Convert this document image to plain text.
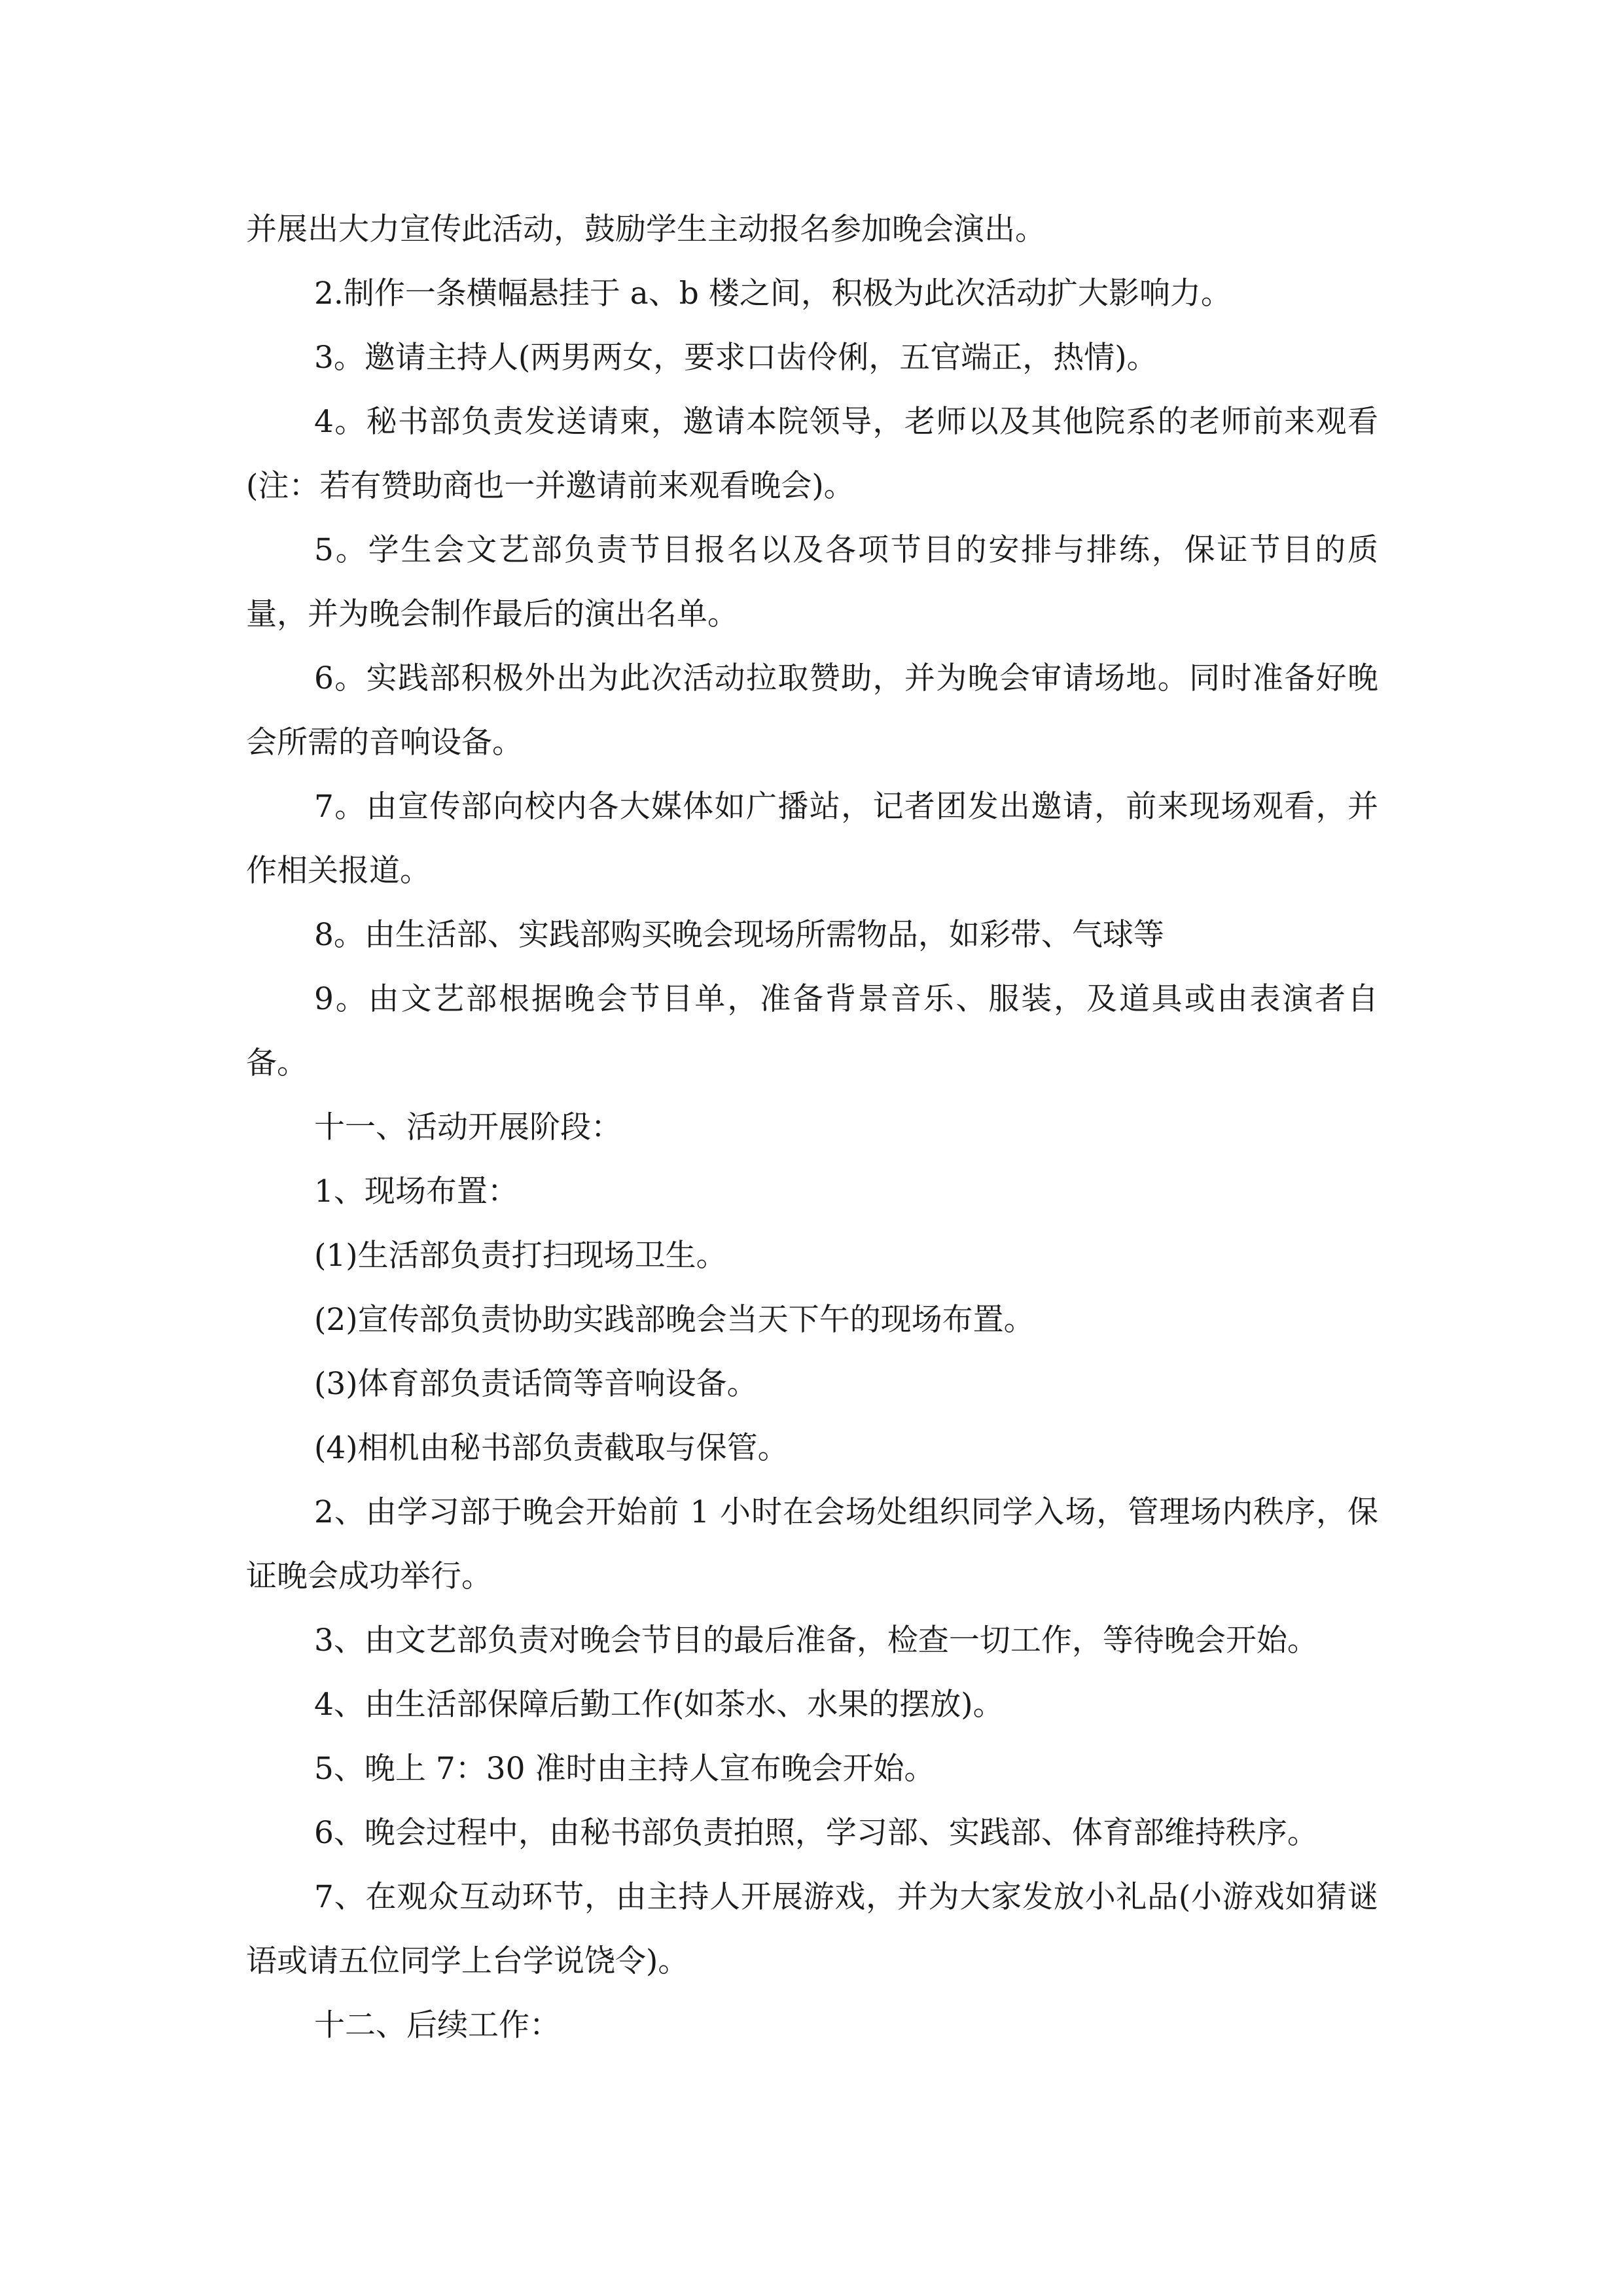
并展出大力宣传此活动，鼓励学生主动报名参加晚会演出。

2.制作一条横幅悬挂于 a、b 楼之间，积极为此次活动扩大影响力。

3。邀请主持人(两男两女，要求口齿伶俐，五官端正，热情)。

4。秘书部负责发送请柬，邀请本院领导，老师以及其他院系的老师前来观看(注：若有赞助商也一并邀请前来观看晚会)。

5。学生会文艺部负责节目报名以及各项节目的安排与排练，保证节目的质量，并为晚会制作最后的演出名单。

6。实践部积极外出为此次活动拉取赞助，并为晚会审请场地。同时准备好晚会所需的音响设备。

7。由宣传部向校内各大媒体如广播站，记者团发出邀请，前来现场观看，并作相关报道。

8。由生活部、实践部购买晚会现场所需物品，如彩带、气球等

9。由文艺部根据晚会节目单，准备背景音乐、服装，及道具或由表演者自备。

十一、活动开展阶段：

1、现场布置：

(1)生活部负责打扫现场卫生。

(2)宣传部负责协助实践部晚会当天下午的现场布置。

(3)体育部负责话筒等音响设备。

(4)相机由秘书部负责截取与保管。

2、由学习部于晚会开始前 1 小时在会场处组织同学入场，管理场内秩序，保证晚会成功举行。

3、由文艺部负责对晚会节目的最后准备，检查一切工作，等待晚会开始。

4、由生活部保障后勤工作(如茶水、水果的摆放)。

5、晚上 7：30 准时由主持人宣布晚会开始。

6、晚会过程中，由秘书部负责拍照，学习部、实践部、体育部维持秩序。

7、在观众互动环节，由主持人开展游戏，并为大家发放小礼品(小游戏如猜谜语或请五位同学上台学说饶令)。

十二、后续工作：
